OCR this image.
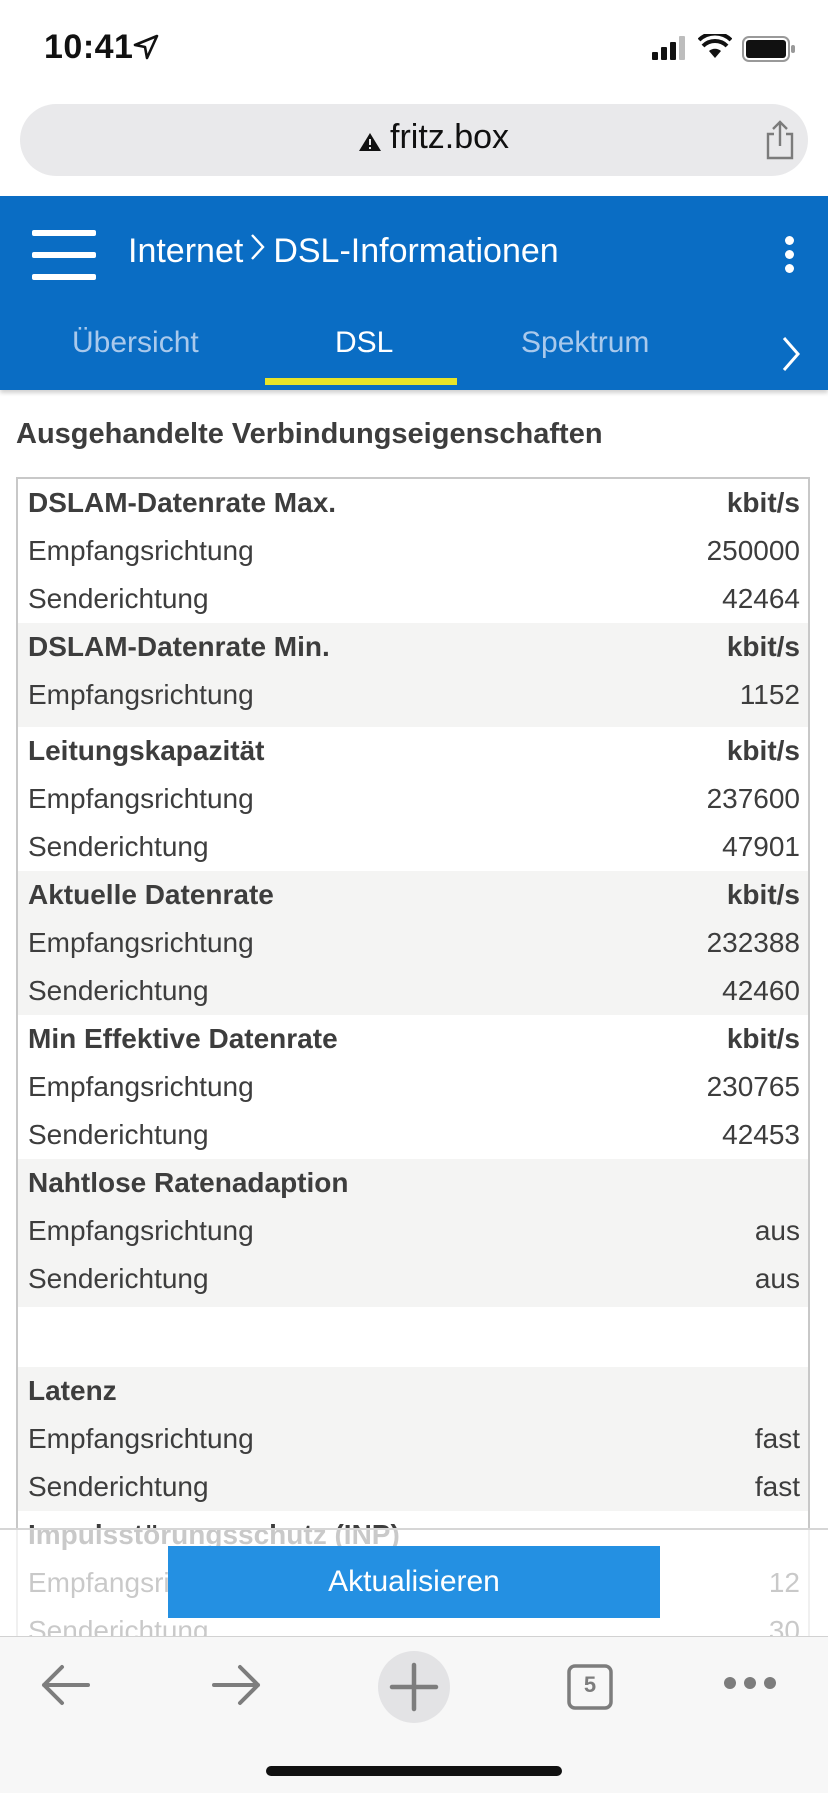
10:41
fritz.box
Internet DSL-Informationen
Übersicht	DSL	Spektrum
Ausgehandelte Verbindungseigenschaften
DSLAM-Datenrate Max.	kbit/s
Empfangsrichtung	250000
Senderichtung	42464
DSLAM-Datenrate Min.	kbit/s
Empfangsrichtung	1152
Leitungskapazität	kbit/s
Empfangsrichtung	237600
Senderichtung	47901
Aktuelle Datenrate	kbit/s
Empfangsrichtung	232388
Senderichtung	42460
Min Effektive Datenrate	kbit/s
Empfangsrichtung	230765
Senderichtung	42453
Nahtlose Ratenadaption
Empfangsrichtung	aus
Senderichtung	aus
Latenz
Empfangsrichtung	fast
Senderichtung	fast
Aktualisieren
5
